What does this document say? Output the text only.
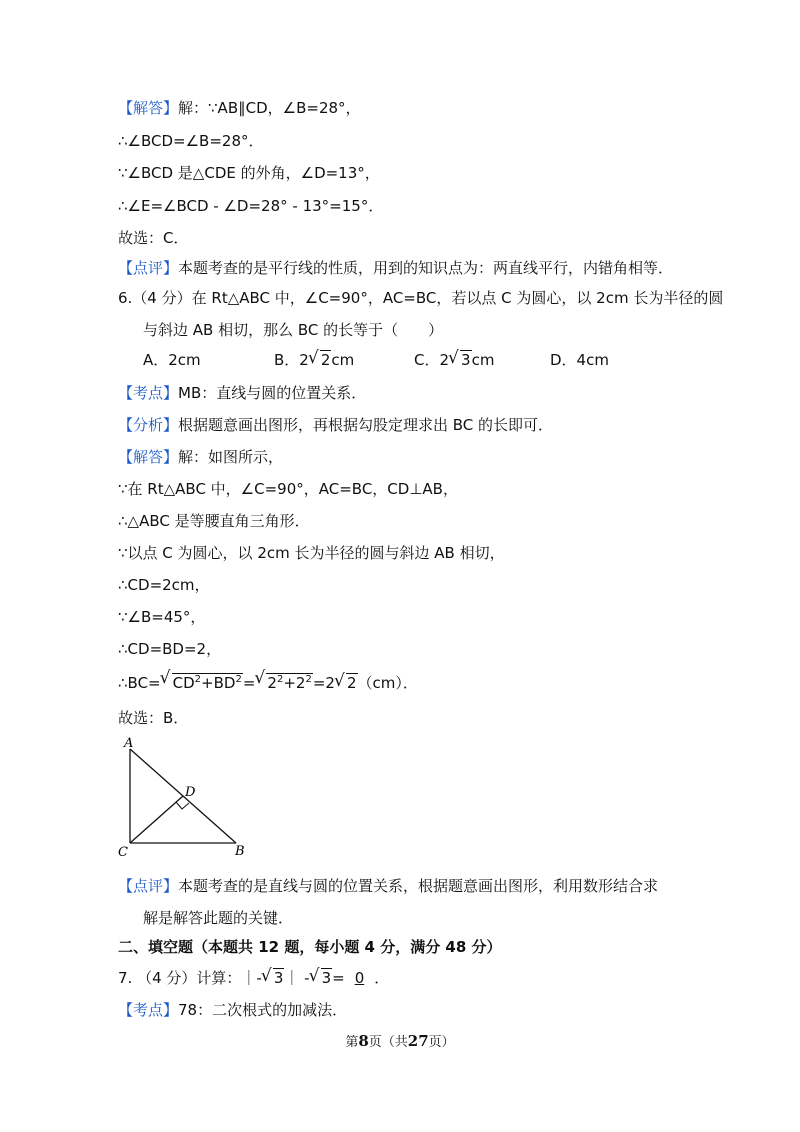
【解答】解：∵AB∥CD，∠B=28°，
∴∠BCD=∠B=28°．
∵∠BCD 是△CDE 的外角，∠D=13°，
∴∠E=∠BCD - ∠D=28° - 13°=15°．
故选：C．
【点评】本题考查的是平行线的性质，用到的知识点为：两直线平行，内错角相等．
6.（4 分）在 Rt△ABC 中，∠C=90°，AC=BC，若以点 C 为圆心，以 2cm 长为半径的圆
与斜边 AB 相切，那么 BC 的长等于（　　）
A．2cm	B．2√ 2cm	C．2√ 3cm	D．4cm
【考点】MB：直线与圆的位置关系．
【分析】根据题意画出图形，再根据勾股定理求出 BC 的长即可．
【解答】解：如图所示，
∵在 Rt△ABC 中，∠C=90°，AC=BC，CD⊥AB，
∴△ABC 是等腰直角三角形．
∵以点 C 为圆心，以 2cm 长为半径的圆与斜边 AB 相切，
∴CD=2cm，
∵∠B=45°，
∴CD=BD=2，
∴BC=√ $CD^2+BD^2=√$ $2^2+2^2=2√$ 2（cm）．
故选：B．
A
D
C	B
【点评】本题考查的是直线与圆的位置关系，根据题意画出图形，利用数形结合求
解是解答此题的关键．
二、填空题（本题共 12 题，每小题 4 分，满分 48 分）
7. （4 分）计算：｜-√ 3｜ -√ 3= 0 ．
【考点】78：二次根式的加减法．
第8页（共27页）
